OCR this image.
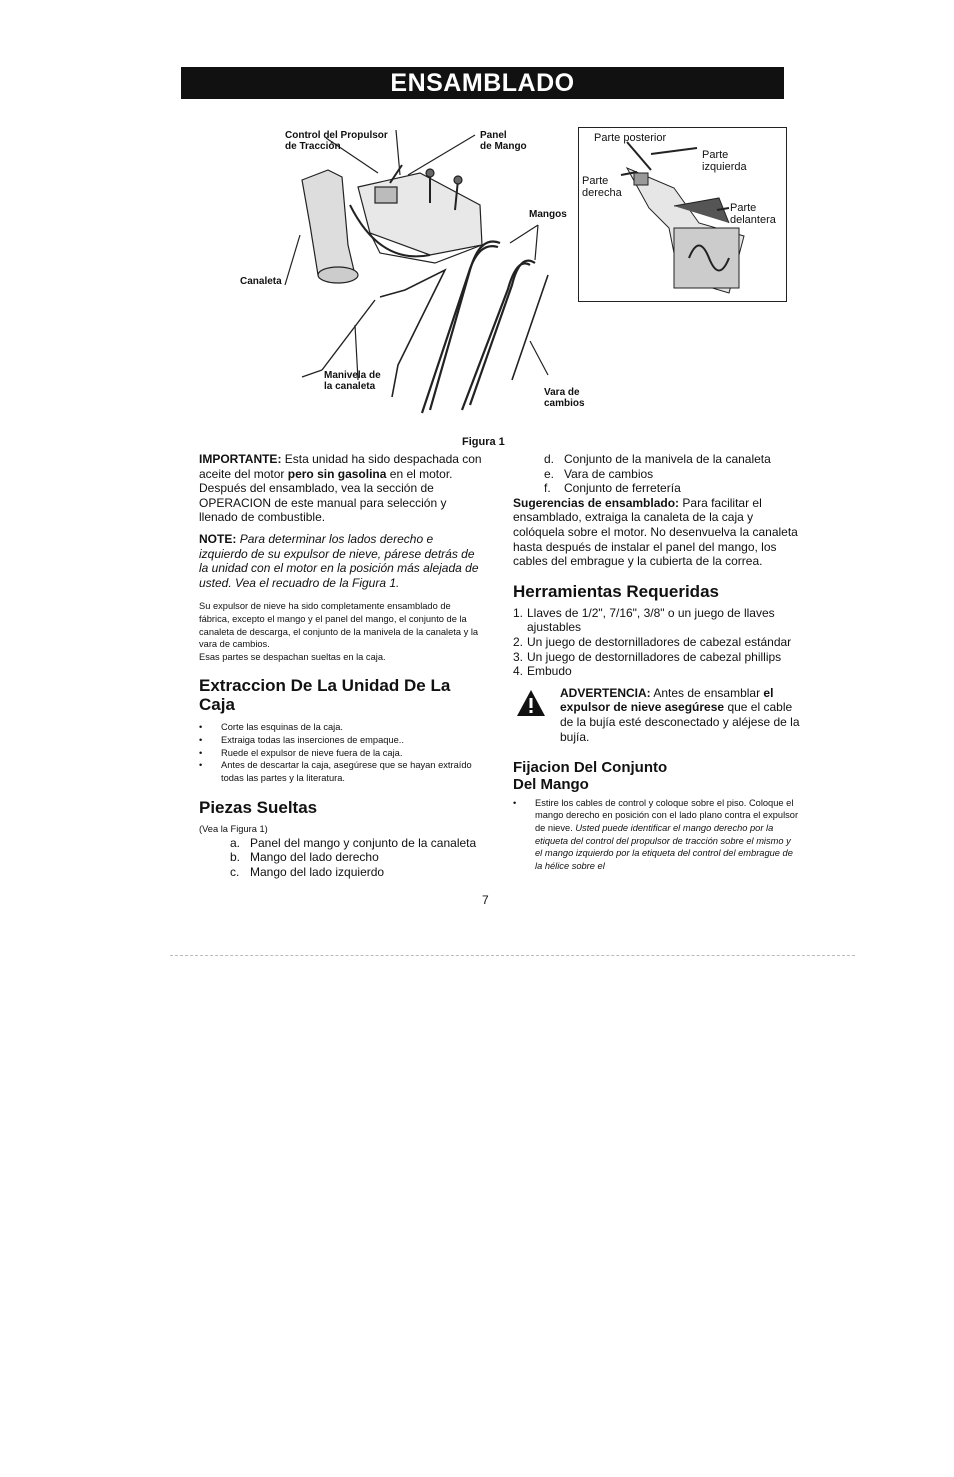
ENSAMBLADO
Control del Propulsor
de Tracción
Panel
de Mango
Mangos
Canaleta
Manivela de
la canaleta
Vara de
cambios
Parte posterior
Parte
izquierda
Parte
derecha
Parte
delantera
Figura 1

IMPORTANTE: Esta unidad ha sido despachada con aceite del motor pero sin gasolina en el motor. Después del ensamblado, vea la sección de OPERACION de este manual para selección y llenado de combustible.

NOTE: Para determinar los lados derecho e izquierdo de su expulsor de nieve, párese detrás de la unidad con el motor en la posición más alejada de usted. Vea el recuadro de la Figura 1.

Su expulsor de nieve ha sido completamente ensamblado de fábrica, excepto el mango y el panel del mango, el conjunto de la canaleta de descarga, el conjunto de la manivela de la canaleta y la vara de cambios.

Esas partes se despachan sueltas en la caja.

Extraccion De La Unidad De La Caja
• Corte las esquinas de la caja.
• Extraiga todas las inserciones de empaque..
• Ruede el expulsor de nieve fuera de la caja.
• Antes de descartar la caja, asegúrese que se hayan extraído todas las partes y la literatura.
Piezas Sueltas

(Vea la Figura 1)

a. Panel del mango y conjunto de la canaleta
b. Mango del lado derecho
c. Mango del lado izquierdo
d. Conjunto de la manivela de la canaleta
e. Vara de cambios
f. Conjunto de ferretería

Sugerencias de ensamblado: Para facilitar el ensamblado, extraiga la canaleta de la caja y colóquela sobre el motor. No desenvuelva la canaleta hasta después de instalar el panel del mango, los cables del embrague y la cubierta de la correa.

Herramientas Requeridas
1. Llaves de 1/2", 7/16", 3/8" o un juego de llaves ajustables
2. Un juego de destornilladores de cabezal estándar
3. Un juego de destornilladores de cabezal phillips
4. Embudo

ADVERTENCIA: Antes de ensamblar el expulsor de nieve asegúrese que el cable de la bujía esté desconectado y aléjese de la bujía.

Fijacion Del Conjunto
Del Mango
• Estire los cables de control y coloque sobre el piso. Coloque el mango derecho en posición con el lado plano contra el expulsor de nieve. Usted puede identificar el mango derecho por la etiqueta del control del propulsor de tracción sobre el mismo y el mango izquierdo por la etiqueta del control del embrague de la hélice sobre el
7
